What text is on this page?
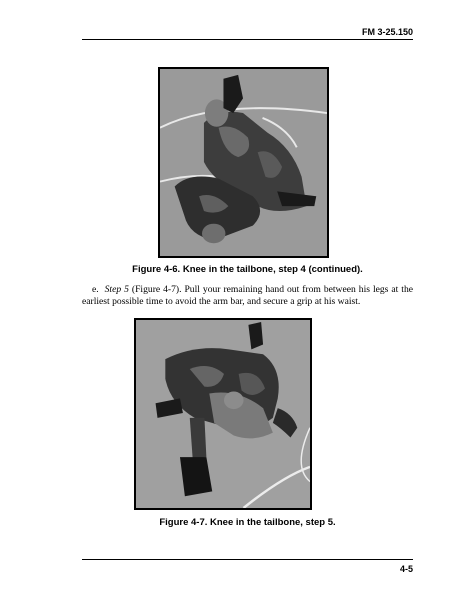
FM 3-25.150
Figure 4-6. Knee in the tailbone, step 4 (continued).
e. Step 5 (Figure 4-7). Pull your remaining hand out from between his legs at the earliest possible time to avoid the arm bar, and secure a grip at his waist.
Figure 4-7. Knee in the tailbone, step 5.
4-5
